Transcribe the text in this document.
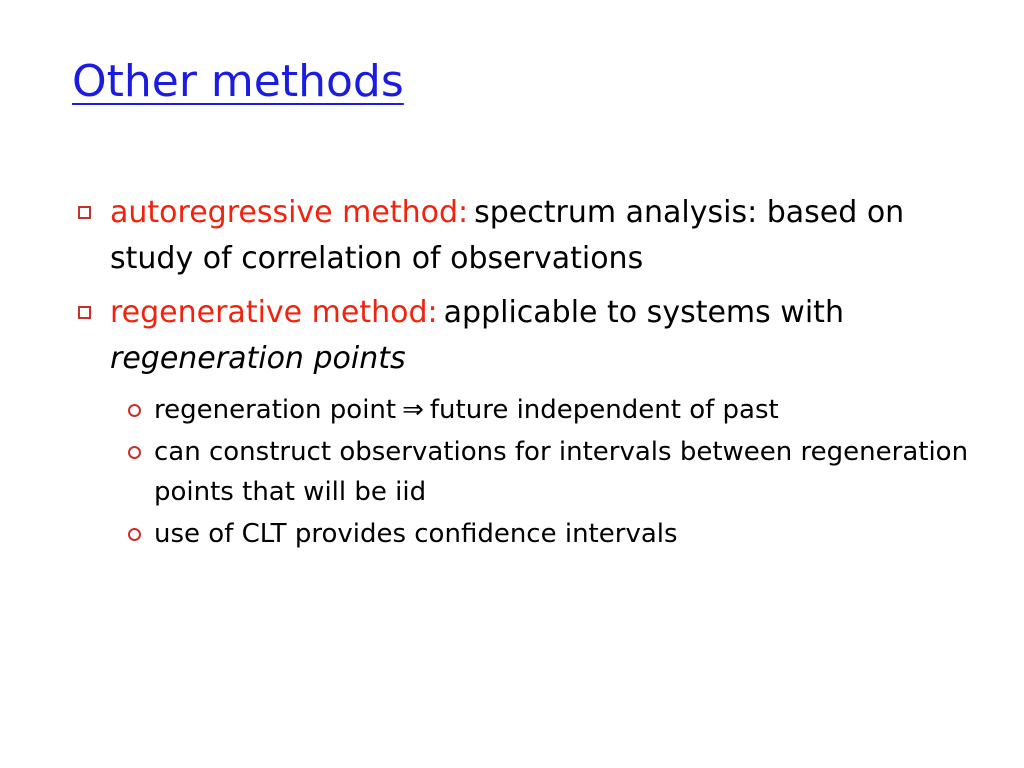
Other methods
autoregressive method: spectrum analysis: based on study of correlation of observations
regenerative method: applicable to systems with regeneration points
regeneration point ⇒ future independent of past
can construct observations for intervals between regeneration points that will be iid
use of CLT provides confidence intervals
